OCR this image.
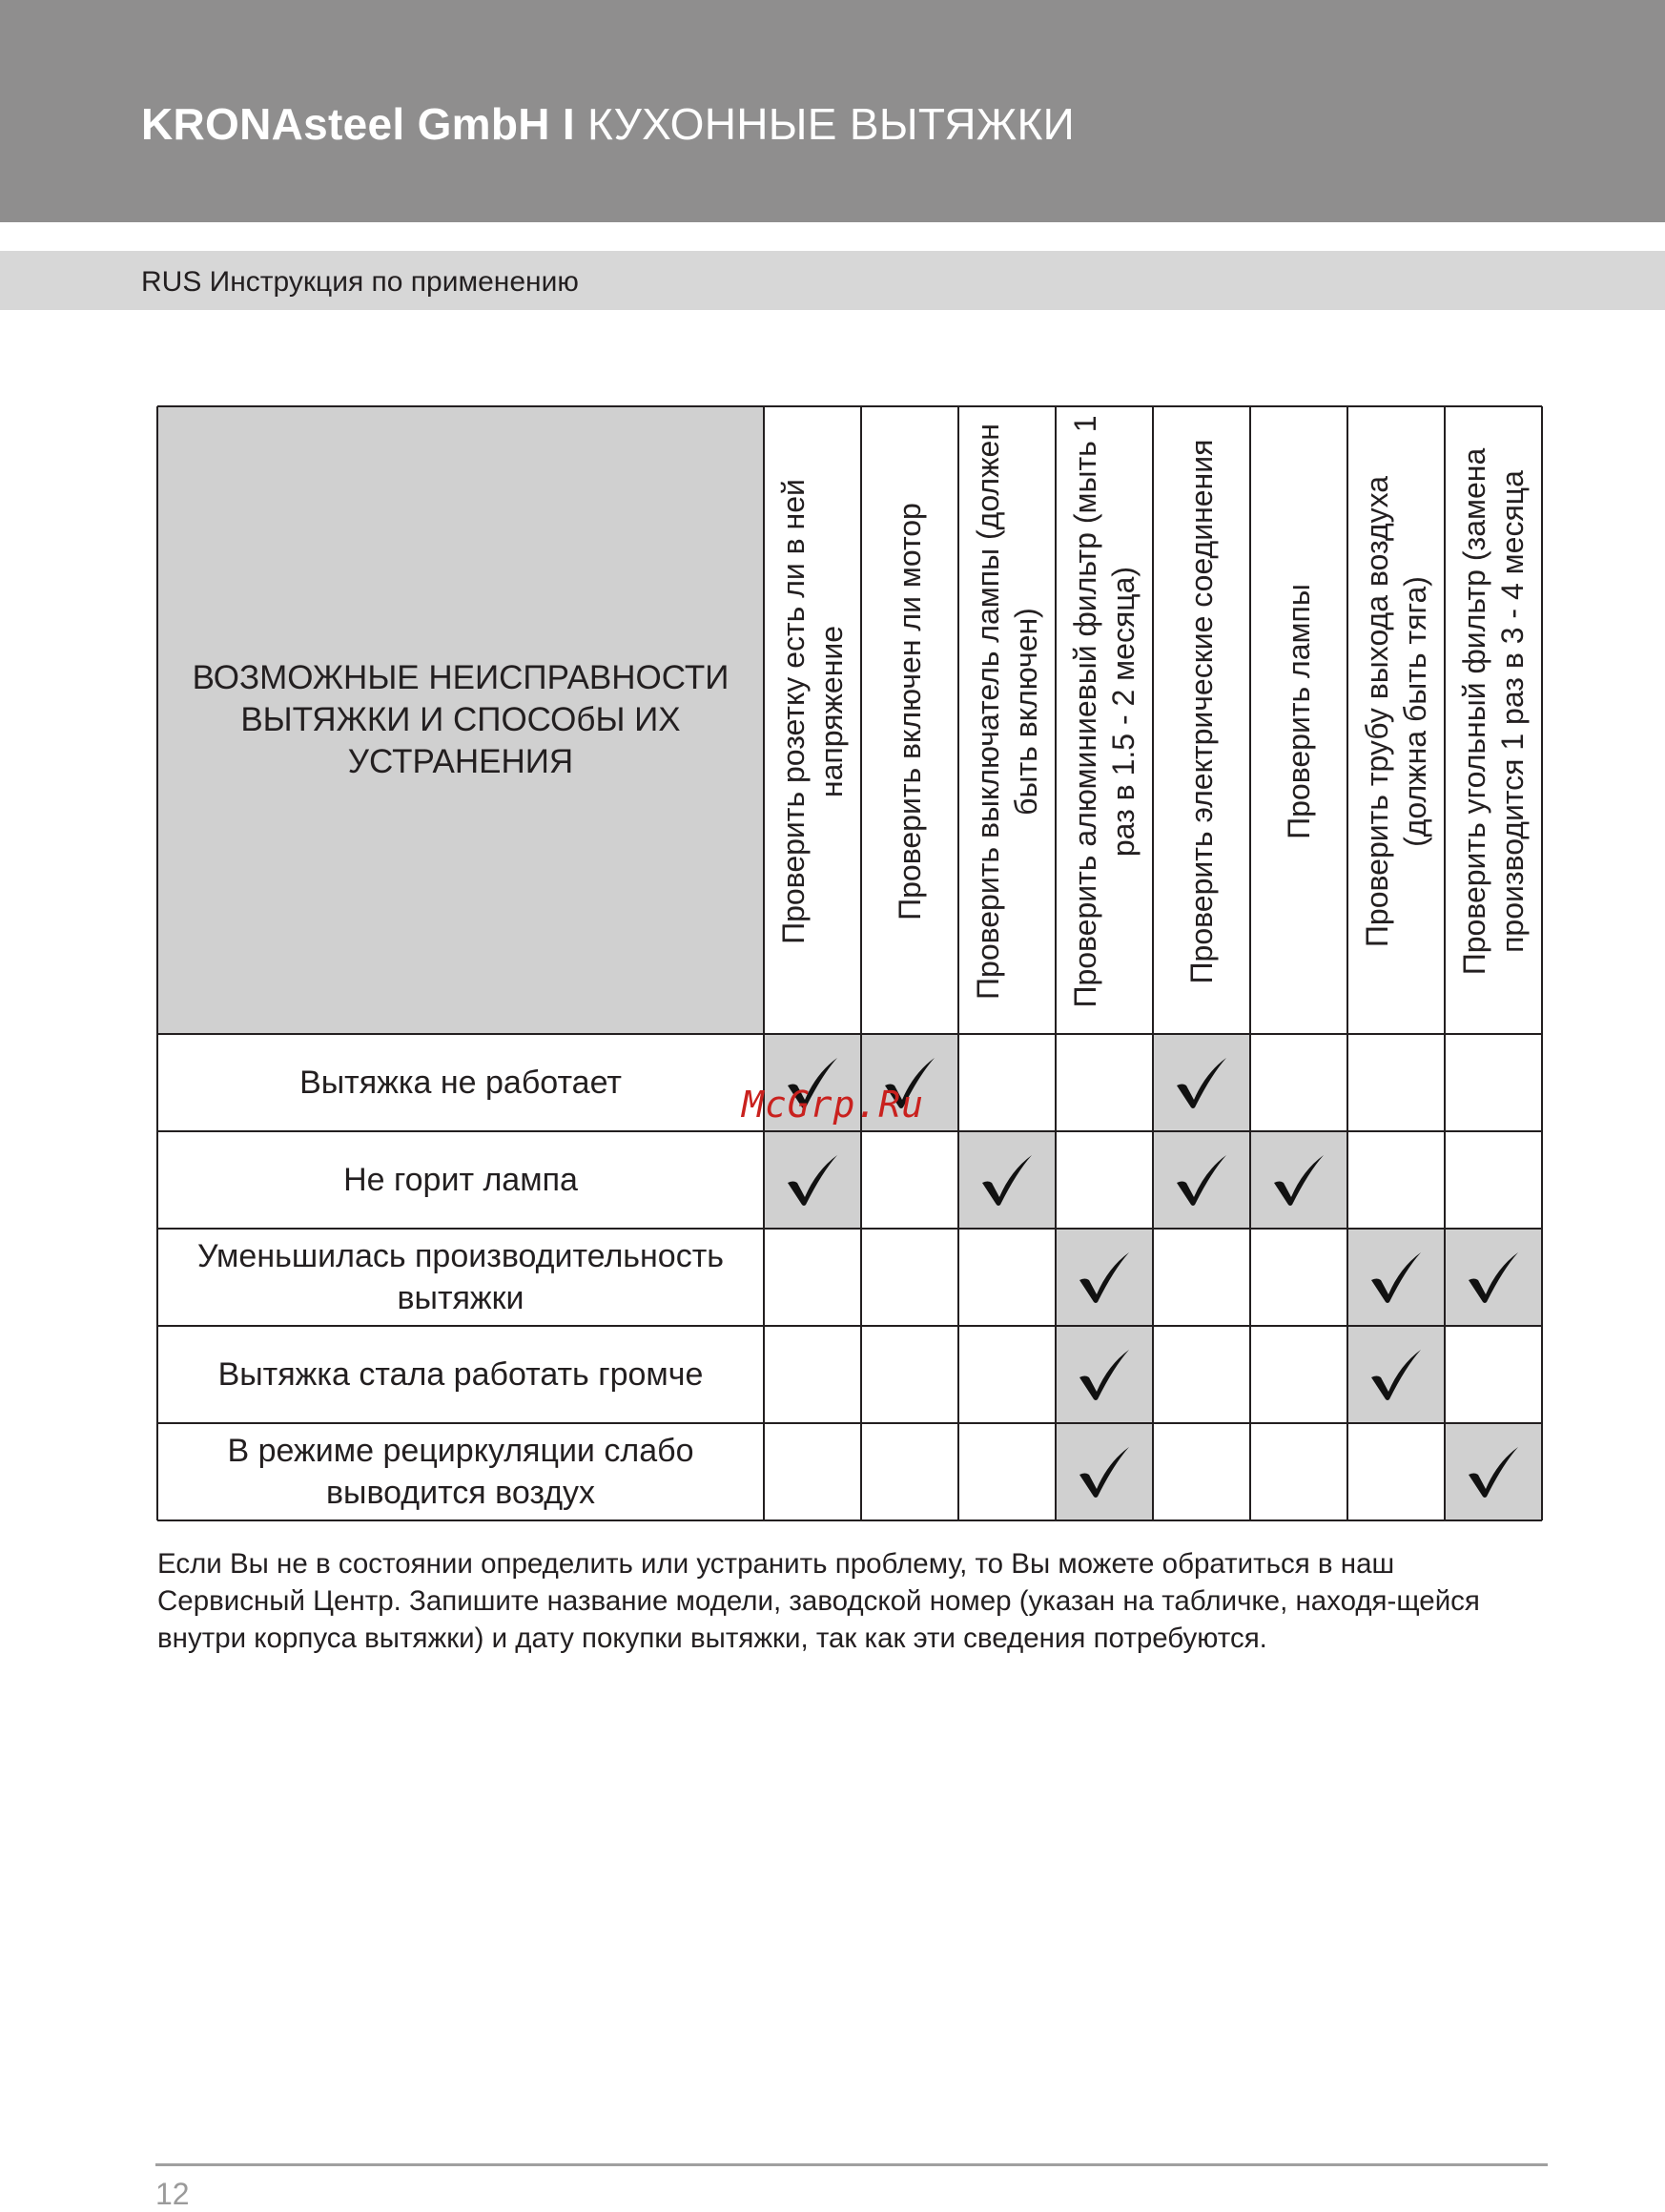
KRONAsteel GmbH I КУХОННЫЕ ВЫТЯЖКИ
RUS Инструкция по применению
ВОЗМОЖНЫЕ НЕИСПРАВНОСТИ ВЫТЯЖКИ И СПОСОбЫ ИХ УСТРАНЕНИЯ	Проверить розетку есть ли в ней напряжение Проверить включен ли мотор Проверить выключатель лампы (должен быть включен) Проверить алюминиевый фильтр (мыть 1 раз в 1.5 - 2 месяца) Проверить электрические соединения Проверить лампы Проверить трубу выхода воздуха (должна быть тяга) Проверить угольный фильтр (замена производится 1 раз в 3 - 4 месяца
Вытяжка не работает
Не горит лампа
Уменьшилась производительность вытяжки
Вытяжка стала работать громче
В режиме рециркуляции слабо выводится воздух
Если Вы не в состоянии определить или устранить проблему, то Вы можете обратиться в наш Сервисный Центр. Запишите название модели, заводской номер (указан на табличке, находя-щейся внутри корпуса вытяжки) и дату покупки вытяжки, так как эти сведения потребуются.
McGrp.Ru
12
